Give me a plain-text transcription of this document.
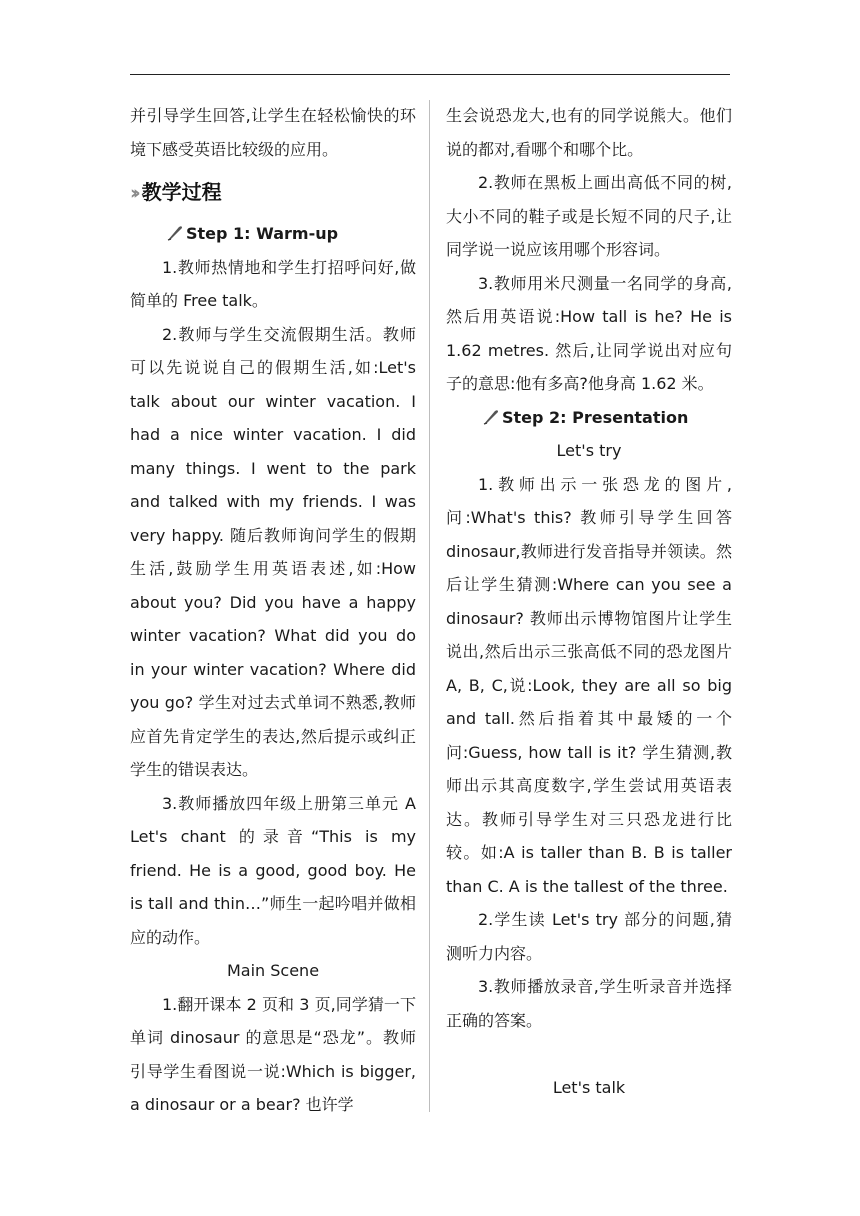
并引导学生回答,让学生在轻松愉快的环境下感受英语比较级的应用。

›› 教学过程

Step 1: Warm-up

1.教师热情地和学生打招呼问好,做简单的 Free talk。

2.教师与学生交流假期生活。教师可以先说说自己的假期生活,如:Let's talk about our winter vacation. I had a nice winter vacation. I did many things. I went to the park and talked with my friends. I was very happy. 随后教师询问学生的假期生活,鼓励学生用英语表述,如:How about you? Did you have a happy winter vacation? What did you do in your winter vacation? Where did you go? 学生对过去式单词不熟悉,教师应首先肯定学生的表达,然后提示或纠正学生的错误表达。

3.教师播放四年级上册第三单元 A Let's chant 的录音“This is my friend. He is a good, good boy. He is tall and thin…”师生一起吟唱并做相应的动作。

Main Scene

1.翻开课本 2 页和 3 页,同学猜一下单词 dinosaur 的意思是“恐龙”。教师引导学生看图说一说:Which is bigger, a dinosaur or a bear? 也许学

生会说恐龙大,也有的同学说熊大。他们说的都对,看哪个和哪个比。

2.教师在黑板上画出高低不同的树,大小不同的鞋子或是长短不同的尺子,让同学说一说应该用哪个形容词。

3.教师用米尺测量一名同学的身高,然后用英语说:How tall is he? He is 1.62 metres. 然后,让同学说出对应句子的意思:他有多高?他身高 1.62 米。

Step 2: Presentation

Let's try

1.教师出示一张恐龙的图片,问:What's this? 教师引导学生回答 dinosaur,教师进行发音指导并领读。然后让学生猜测:Where can you see a dinosaur? 教师出示博物馆图片让学生说出,然后出示三张高低不同的恐龙图片 A, B, C,说:Look, they are all so big and tall.然后指着其中最矮的一个问:Guess, how tall is it? 学生猜测,教师出示其高度数字,学生尝试用英语表达。教师引导学生对三只恐龙进行比较。如:A is taller than B. B is taller than C. A is the tallest of the three.

2.学生读 Let's try 部分的问题,猜测听力内容。

3.教师播放录音,学生听录音并选择正确的答案。

Let's talk
